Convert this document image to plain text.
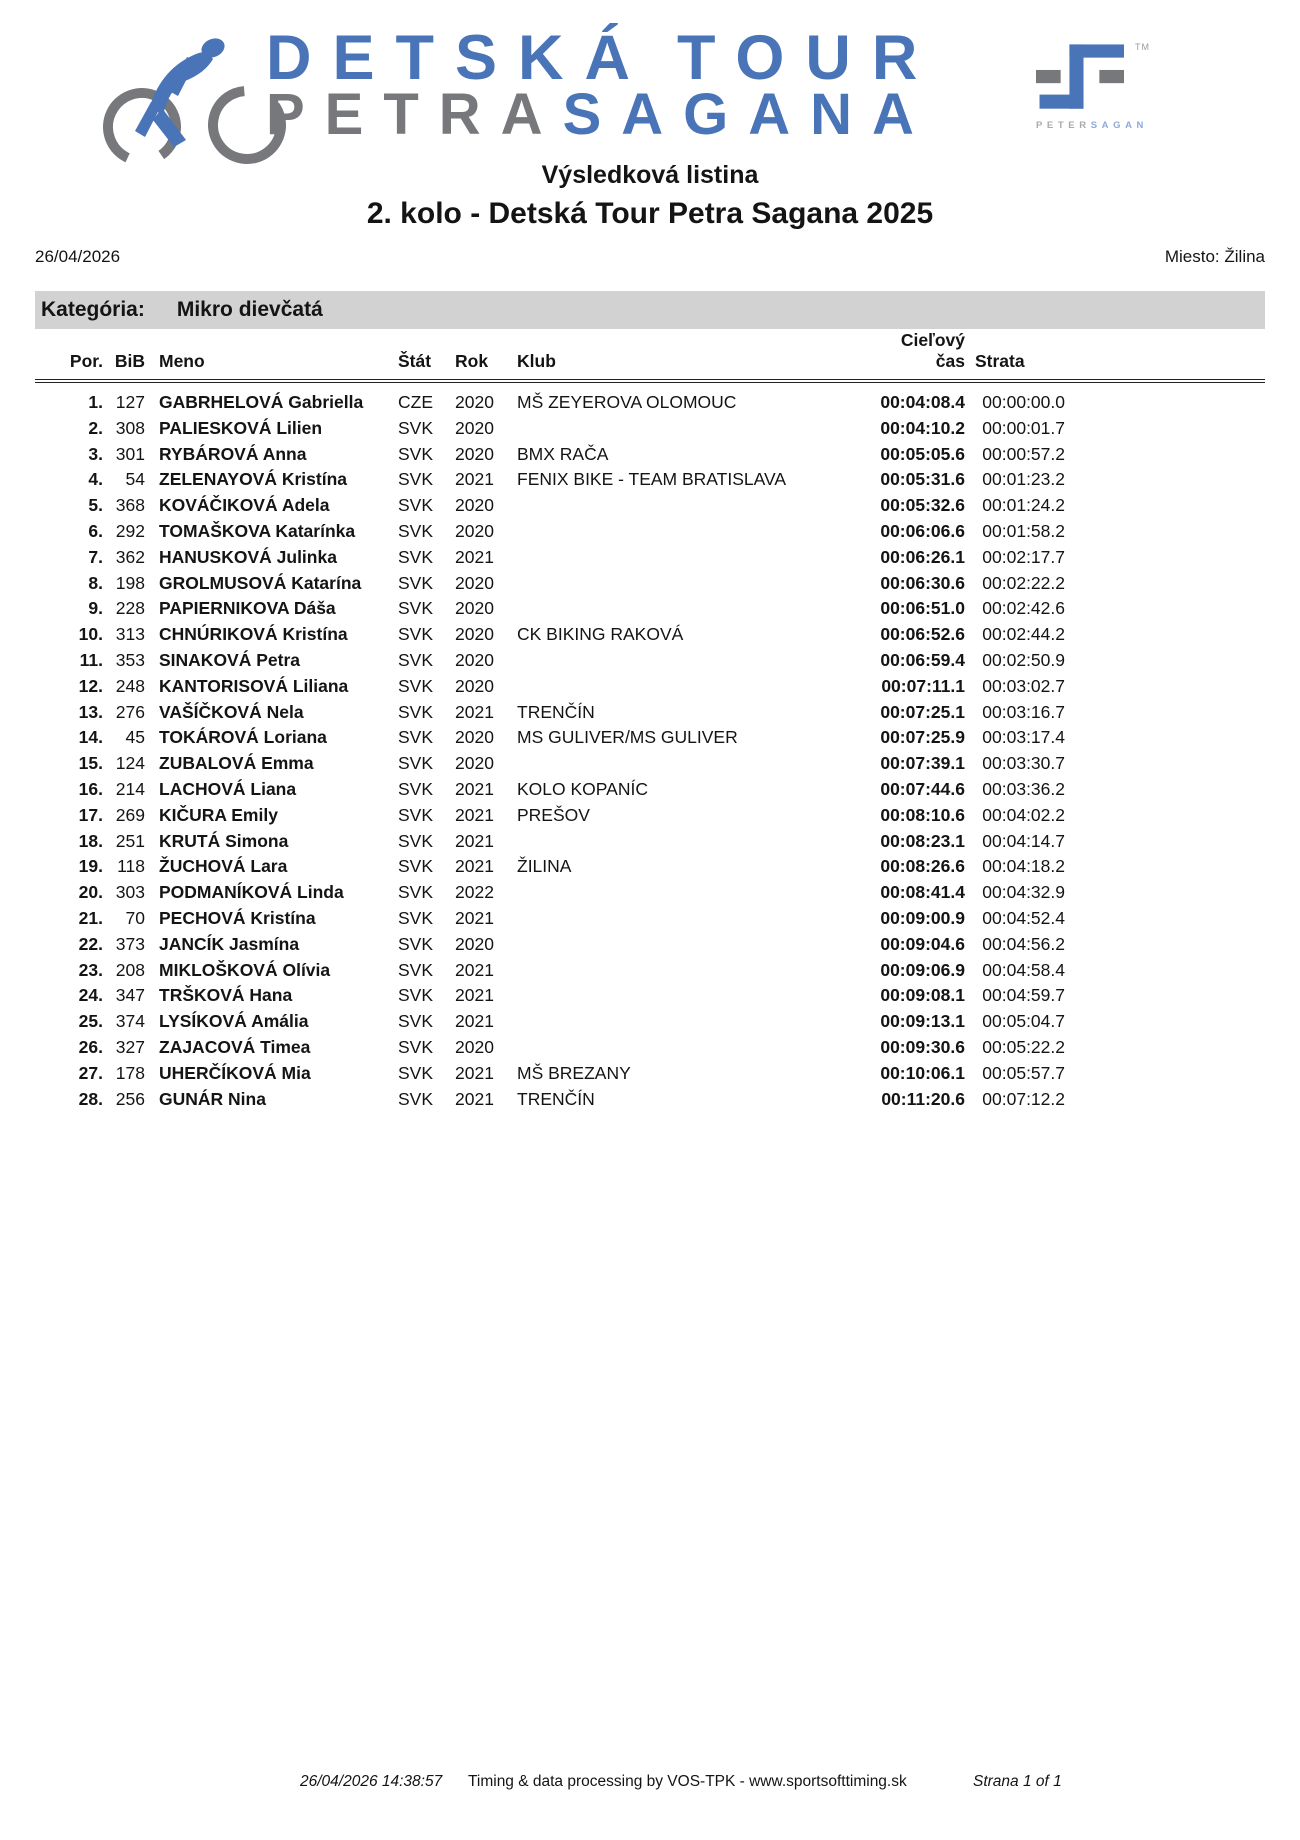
DETSKÁ TOUR
PETRASAGANA
TM
PETERSAGAN
Výsledková listina
2. kolo - Detská Tour Petra Sagana 2025
26/04/2026	Miesto: Žilina
Kategória: Mikro dievčatá
Por.	BiB	Meno	Štát	Rok	Klub	Cieľový čas	Strata	
1.	127	GABRHELOVÁ Gabriella	CZE	2020	MŠ ZEYEROVA OLOMOUC	00:04:08.4	00:00:00.0	
2.	308	PALIESKOVÁ Lilien	SVK	2020		00:04:10.2	00:00:01.7	
3.	301	RYBÁROVÁ Anna	SVK	2020	BMX RAČA	00:05:05.6	00:00:57.2	
4.	54	ZELENAYOVÁ Kristína	SVK	2021	FENIX BIKE - TEAM BRATISLAVA	00:05:31.6	00:01:23.2	
5.	368	KOVÁČIKOVÁ Adela	SVK	2020		00:05:32.6	00:01:24.2	
6.	292	TOMAŠKOVA Katarínka	SVK	2020		00:06:06.6	00:01:58.2	
7.	362	HANUSKOVÁ Julinka	SVK	2021		00:06:26.1	00:02:17.7	
8.	198	GROLMUSOVÁ Katarína	SVK	2020		00:06:30.6	00:02:22.2	
9.	228	PAPIERNIKOVA Dáša	SVK	2020		00:06:51.0	00:02:42.6	
10.	313	CHNÚRIKOVÁ Kristína	SVK	2020	CK BIKING RAKOVÁ	00:06:52.6	00:02:44.2	
11.	353	SINAKOVÁ Petra	SVK	2020		00:06:59.4	00:02:50.9	
12.	248	KANTORISOVÁ Liliana	SVK	2020		00:07:11.1	00:03:02.7	
13.	276	VAŠÍČKOVÁ Nela	SVK	2021	TRENČÍN	00:07:25.1	00:03:16.7	
14.	45	TOKÁROVÁ Loriana	SVK	2020	MS GULIVER/MS GULIVER	00:07:25.9	00:03:17.4	
15.	124	ZUBALOVÁ Emma	SVK	2020		00:07:39.1	00:03:30.7	
16.	214	LACHOVÁ Liana	SVK	2021	KOLO KOPANÍC	00:07:44.6	00:03:36.2	
17.	269	KIČURA Emily	SVK	2021	PREŠOV	00:08:10.6	00:04:02.2	
18.	251	KRUTÁ Simona	SVK	2021		00:08:23.1	00:04:14.7	
19.	118	ŽUCHOVÁ Lara	SVK	2021	ŽILINA	00:08:26.6	00:04:18.2	
20.	303	PODMANÍKOVÁ Linda	SVK	2022		00:08:41.4	00:04:32.9	
21.	70	PECHOVÁ Kristína	SVK	2021		00:09:00.9	00:04:52.4	
22.	373	JANCÍK Jasmína	SVK	2020		00:09:04.6	00:04:56.2	
23.	208	MIKLOŠKOVÁ Olívia	SVK	2021		00:09:06.9	00:04:58.4	
24.	347	TRŠKOVÁ Hana	SVK	2021		00:09:08.1	00:04:59.7	
25.	374	LYSÍKOVÁ Amália	SVK	2021		00:09:13.1	00:05:04.7	
26.	327	ZAJACOVÁ Timea	SVK	2020		00:09:30.6	00:05:22.2	
27.	178	UHERČÍKOVÁ Mia	SVK	2021	MŠ BREZANY	00:10:06.1	00:05:57.7	
28.	256	GUNÁR Nina	SVK	2021	TRENČÍN	00:11:20.6	00:07:12.2	
26/04/2026 14:38:57 Timing & data processing by VOS-TPK - www.sportsofttiming.sk	Strana 1 of 1
